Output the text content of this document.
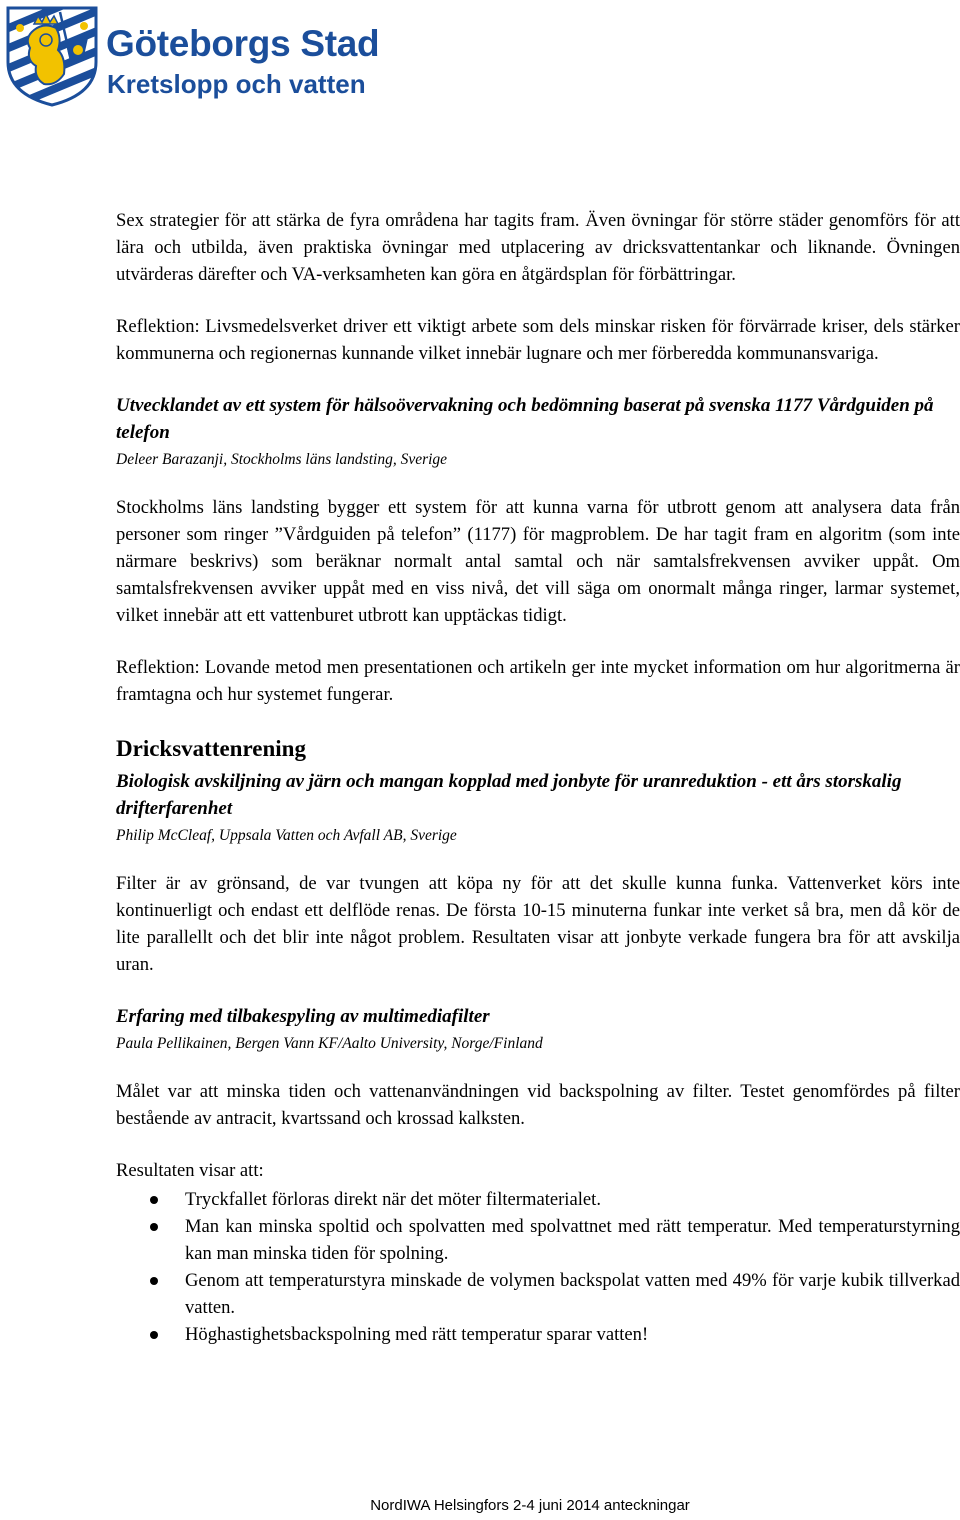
Göteborgs Stad
Kretslopp och vatten

Sex strategier för att stärka de fyra områdena har tagits fram. Även övningar för större städer genomförs för att lära och utbilda, även praktiska övningar med utplacering av dricksvattentankar och liknande. Övningen utvärderas därefter och VA-verksamheten kan göra en åtgärdsplan för förbättringar.

Reflektion: Livsmedelsverket driver ett viktigt arbete som dels minskar risken för förvärrade kriser, dels stärker kommunerna och regionernas kunnande vilket innebär lugnare och mer förberedda kommunansvariga.

Utvecklandet av ett system för hälsoövervakning och bedömning baserat på svenska 1177 Vårdguiden på telefon

Deleer Barazanji, Stockholms läns landsting, Sverige

Stockholms läns landsting bygger ett system för att kunna varna för utbrott genom att analysera data från personer som ringer ”Vårdguiden på telefon” (1177) för magproblem. De har tagit fram en algoritm (som inte närmare beskrivs) som beräknar normalt antal samtal och när samtalsfrekvensen avviker uppåt. Om samtalsfrekvensen avviker uppåt med en viss nivå, det vill säga om onormalt många ringer, larmar systemet, vilket innebär att ett vattenburet utbrott kan upptäckas tidigt.

Reflektion: Lovande metod men presentationen och artikeln ger inte mycket information om hur algoritmerna är framtagna och hur systemet fungerar.

Dricksvattenrening

Biologisk avskiljning av järn och mangan kopplad med jonbyte för uranreduktion - ett års storskalig drifterfarenhet

Philip McCleaf, Uppsala Vatten och Avfall AB, Sverige

Filter är av grönsand, de var tvungen att köpa ny för att det skulle kunna funka. Vattenverket körs inte kontinuerligt och endast ett delflöde renas. De första 10-15 minuterna funkar inte verket så bra, men då kör de lite parallellt och det blir inte något problem. Resultaten visar att jonbyte verkade fungera bra för att avskilja uran.

Erfaring med tilbakespyling av multimediafilter

Paula Pellikainen, Bergen Vann KF/Aalto University, Norge/Finland

Målet var att minska tiden och vattenanvändningen vid backspolning av filter. Testet genomfördes på filter bestående av antracit, kvartssand och krossad kalksten.

Resultaten visar att:

Tryckfallet förloras direkt när det möter filtermaterialet.
Man kan minska spoltid och spolvatten med spolvattnet med rätt temperatur. Med temperaturstyrning kan man minska tiden för spolning.
Genom att temperaturstyra minskade de volymen backspolat vatten med 49% för varje kubik tillverkad vatten.
Höghastighetsbackspolning med rätt temperatur sparar vatten!
NordIWA Helsingfors 2-4 juni 2014 anteckningar
